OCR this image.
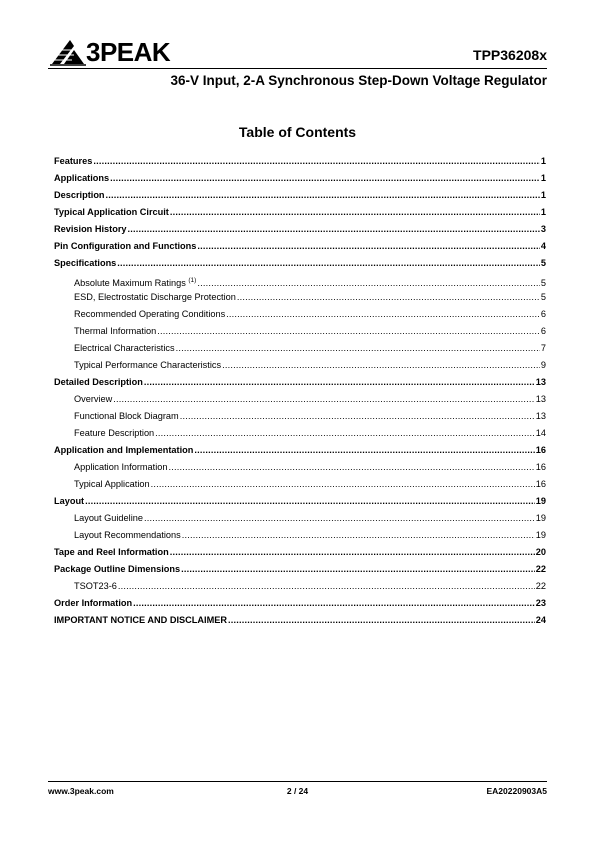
3PEAK	TPP36208x
36-V Input, 2-A Synchronous Step-Down Voltage Regulator
Table of Contents
Features .....	1
Applications .....	1
Description .....	1
Typical Application Circuit .....	1
Revision History .....	3
Pin Configuration and Functions .....	4
Specifications .....	5
Absolute Maximum Ratings $^{(1)}$ .....	5
ESD, Electrostatic Discharge Protection .....	5
Recommended Operating Conditions .....	6
Thermal Information .....	6
Electrical Characteristics .....	7
Typical Performance Characteristics .....	9
Detailed Description .....	13
Overview .....	13
Functional Block Diagram .....	13
Feature Description .....	14
Application and Implementation .....	16
Application Information .....	16
Typical Application .....	16
Layout .....	19
Layout Guideline .....	19
Layout Recommendations .....	19
Tape and Reel Information .....	20
Package Outline Dimensions .....	22
TSOT23-6 .....	22
Order Information .....	23
IMPORTANT NOTICE AND DISCLAIMER .....	24
www.3peak.com	2 / 24	EA20220903A5
